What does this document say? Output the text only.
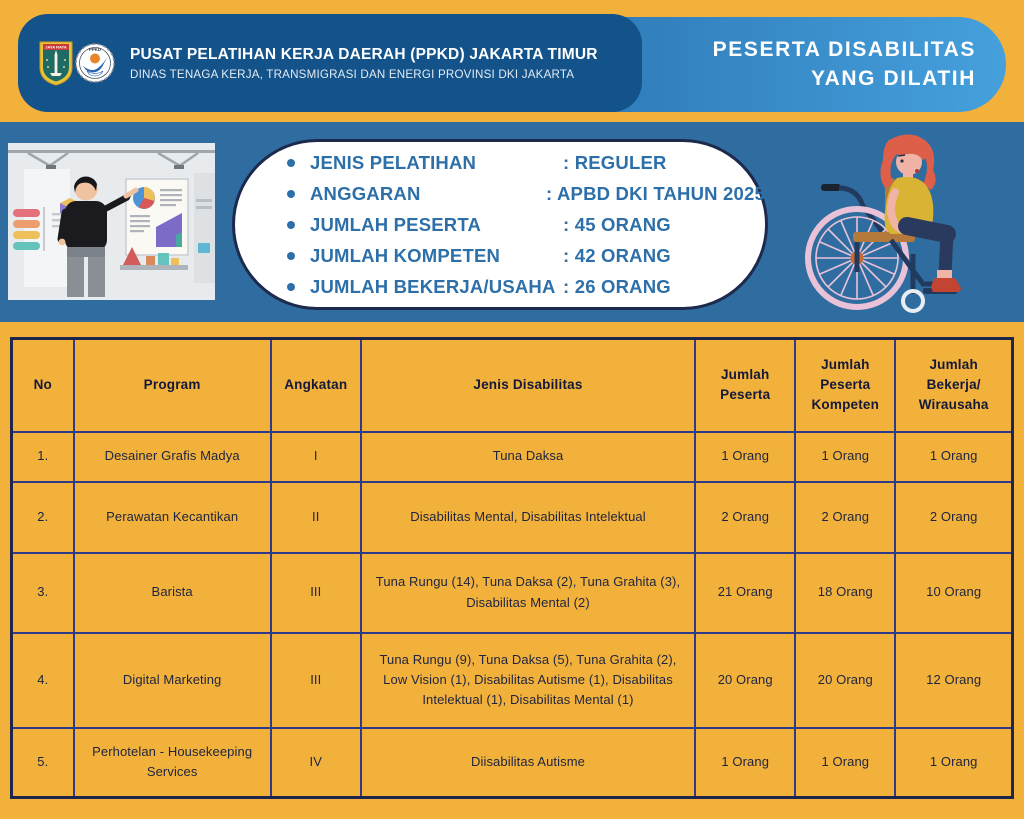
PESERTA DISABILITAS
YANG DILATIH
JAYA RAYA	PPKD PUSAT PELATIHAN KERJA DAERAH (PPKD) JAKARTA TIMUR
DINAS TENAGA KERJA, TRANSMIGRASI DAN ENERGI PROVINSI DKI JAKARTA
JENIS PELATIHAN	: REGULER
ANGGARAN	: APBD DKI TAHUN 2025
JUMLAH PESERTA	: 45 ORANG
JUMLAH KOMPETEN	: 42 ORANG
JUMLAH BEKERJA/USAHA : 26 ORANG
No	Program	Angkatan	Jenis Disabilitas	Jumlah Peserta	Jumlah Peserta Kompeten	Jumlah Bekerja/ Wirausaha
1.	Desainer Grafis Madya	I	Tuna Daksa	1 Orang	1 Orang	1 Orang
2.	Perawatan Kecantikan	II	Disabilitas Mental, Disabilitas Intelektual	2 Orang	2 Orang	2 Orang
3.	Barista	III	Tuna Rungu (14), Tuna Daksa (2), Tuna Grahita (3), Disabilitas Mental (2)	21 Orang	18 Orang	10 Orang
4.	Digital Marketing	III	Tuna Rungu (9), Tuna Daksa (5), Tuna Grahita (2), Low Vision (1), Disabilitas Autisme (1), Disabilitas Intelektual (1), Disabilitas Mental (1)	20 Orang	20 Orang	12 Orang
5.	Perhotelan - Housekeeping Services	IV	Diisabilitas Autisme	1 Orang	1 Orang	1 Orang
